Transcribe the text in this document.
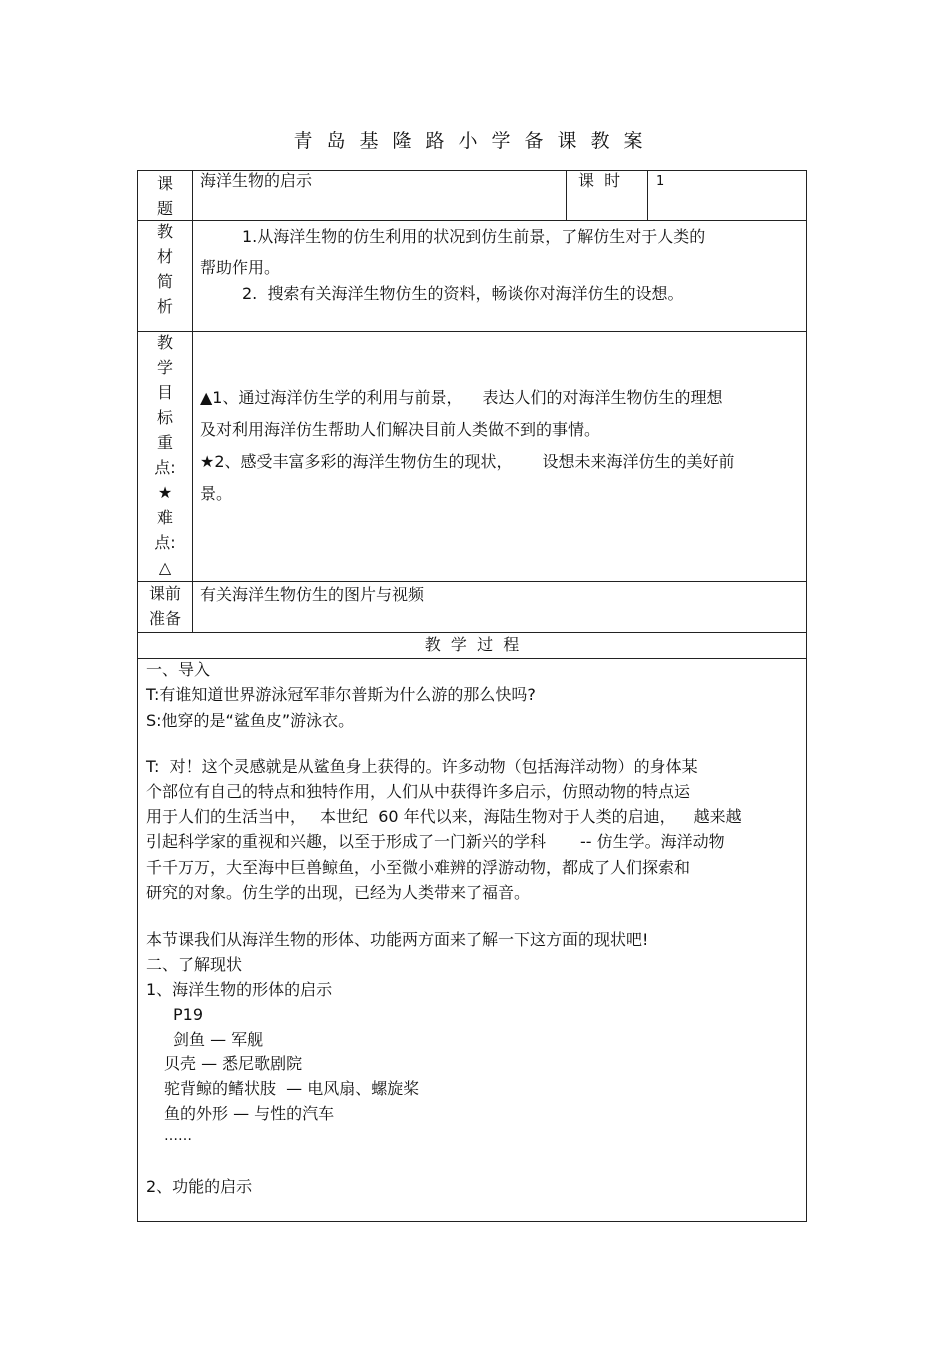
青岛基隆路小学备课教案
课
题
海洋生物的启示	课  时	1
教
材
简
析
1.从海洋生物的仿生利用的状况到仿生前景，了解仿生对于人类的
帮助作用。
2.  搜索有关海洋生物仿生的资料，畅谈你对海洋仿生的设想。
教
学
目
标
重
点:
★
难
点:
△
▲1、通过海洋仿生学的利用与前景， 表达人们的对海洋生物仿生的理想
及对利用海洋仿生帮助人们解决目前人类做不到的事情。
★2、感受丰富多彩的海洋生物仿生的现状， 设想未来海洋仿生的美好前
景。
课前
准备
有关海洋生物仿生的图片与视频
教  学  过  程
一、导入
T:有谁知道世界游泳冠军菲尔普斯为什么游的那么快吗?
S:他穿的是“鲨鱼皮”游泳衣。
T:  对！这个灵感就是从鲨鱼身上获得的。许多动物（包括海洋动物）的身体某
个部位有自己的特点和独特作用，人们从中获得许多启示，仿照动物的特点运
用于人们的生活当中， 本世纪  60 年代以来，海陆生物对于人类的启迪， 越来越
引起科学家的重视和兴趣，以至于形成了一门新兴的学科 -- 仿生学。海洋动物
千千万万，大至海中巨兽鲸鱼，小至微小难辨的浮游动物，都成了人们探索和
研究的对象。仿生学的出现，已经为人类带来了福音。
本节课我们从海洋生物的形体、功能两方面来了解一下这方面的现状吧!
二、了解现状
1、海洋生物的形体的启示
P19
剑鱼 — 军舰
贝壳 — 悉尼歌剧院
驼背鲸的鳍状肢  — 电风扇、螺旋桨
鱼的外形 — 与性的汽车
……
2、功能的启示
